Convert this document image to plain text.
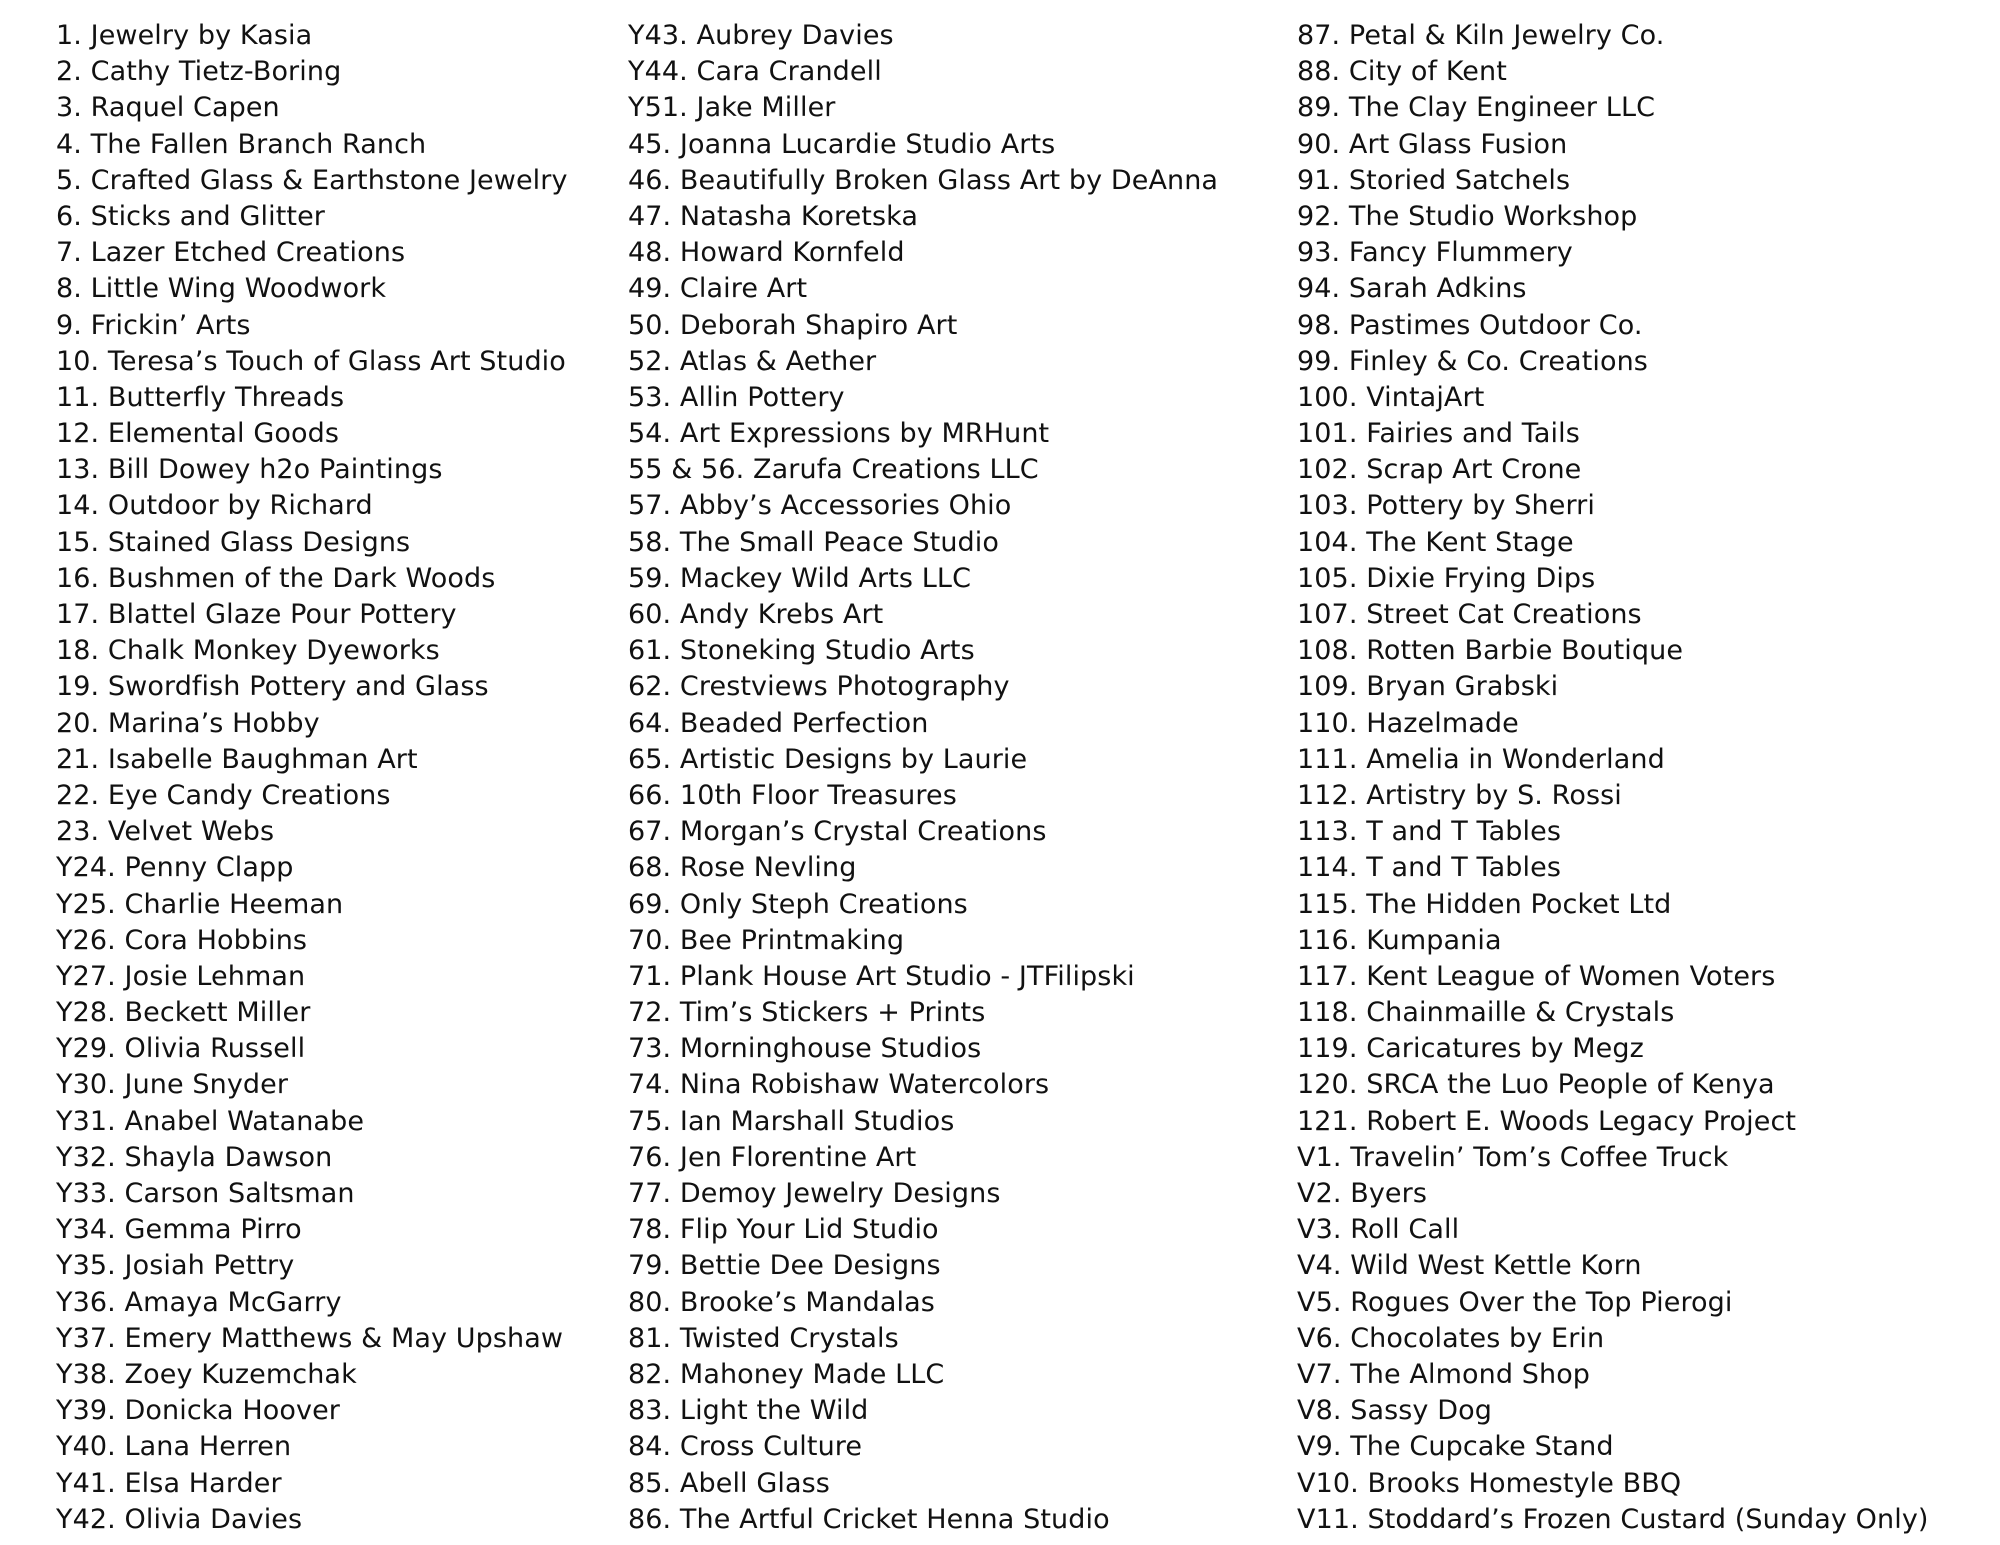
1. Jewelry by Kasia
2. Cathy Tietz-Boring
3. Raquel Capen
4. The Fallen Branch Ranch
5. Crafted Glass & Earthstone Jewelry
6. Sticks and Glitter
7. Lazer Etched Creations
8. Little Wing Woodwork
9. Frickin’ Arts
10. Teresa’s Touch of Glass Art Studio
11. Butterfly Threads
12. Elemental Goods
13. Bill Dowey h2o Paintings
14. Outdoor by Richard
15. Stained Glass Designs
16. Bushmen of the Dark Woods
17. Blattel Glaze Pour Pottery
18. Chalk Monkey Dyeworks
19. Swordfish Pottery and Glass
20. Marina’s Hobby
21. Isabelle Baughman Art
22. Eye Candy Creations
23. Velvet Webs
Y24. Penny Clapp
Y25. Charlie Heeman
Y26. Cora Hobbins
Y27. Josie Lehman
Y28. Beckett Miller
Y29. Olivia Russell
Y30. June Snyder
Y31. Anabel Watanabe
Y32. Shayla Dawson
Y33. Carson Saltsman
Y34. Gemma Pirro
Y35. Josiah Pettry
Y36. Amaya McGarry
Y37. Emery Matthews & May Upshaw
Y38. Zoey Kuzemchak
Y39. Donicka Hoover
Y40. Lana Herren
Y41. Elsa Harder
Y42. Olivia Davies
Y43. Aubrey Davies
Y44. Cara Crandell
Y51. Jake Miller
45. Joanna Lucardie Studio Arts
46. Beautifully Broken Glass Art by DeAnna
47. Natasha Koretska
48. Howard Kornfeld
49. Claire Art
50. Deborah Shapiro Art
52. Atlas & Aether
53. Allin Pottery
54. Art Expressions by MRHunt
55 & 56. Zarufa Creations LLC
57. Abby’s Accessories Ohio
58. The Small Peace Studio
59. Mackey Wild Arts LLC
60. Andy Krebs Art
61. Stoneking Studio Arts
62. Crestviews Photography
64. Beaded Perfection
65. Artistic Designs by Laurie
66. 10th Floor Treasures
67. Morgan’s Crystal Creations
68. Rose Nevling
69. Only Steph Creations
70. Bee Printmaking
71. Plank House Art Studio - JTFilipski
72. Tim’s Stickers + Prints
73. Morninghouse Studios
74. Nina Robishaw Watercolors
75. Ian Marshall Studios
76. Jen Florentine Art
77. Demoy Jewelry Designs
78. Flip Your Lid Studio
79. Bettie Dee Designs
80. Brooke’s Mandalas
81. Twisted Crystals
82. Mahoney Made LLC
83. Light the Wild
84. Cross Culture
85. Abell Glass
86. The Artful Cricket Henna Studio
87. Petal & Kiln Jewelry Co.
88. City of Kent
89. The Clay Engineer LLC
90. Art Glass Fusion
91. Storied Satchels
92. The Studio Workshop
93. Fancy Flummery
94. Sarah Adkins
98. Pastimes Outdoor Co.
99. Finley & Co. Creations
100. VintajArt
101. Fairies and Tails
102. Scrap Art Crone
103. Pottery by Sherri
104. The Kent Stage
105. Dixie Frying Dips
107. Street Cat Creations
108. Rotten Barbie Boutique
109. Bryan Grabski
110. Hazelmade
111. Amelia in Wonderland
112. Artistry by S. Rossi
113. T and T Tables
114. T and T Tables
115. The Hidden Pocket Ltd
116. Kumpania
117. Kent League of Women Voters
118. Chainmaille & Crystals
119. Caricatures by Megz
120. SRCA the Luo People of Kenya
121. Robert E. Woods Legacy Project
V1. Travelin’ Tom’s Coffee Truck
V2. Byers
V3. Roll Call
V4. Wild West Kettle Korn
V5. Rogues Over the Top Pierogi
V6. Chocolates by Erin
V7. The Almond Shop
V8. Sassy Dog
V9. The Cupcake Stand
V10. Brooks Homestyle BBQ
V11. Stoddard’s Frozen Custard (Sunday Only)
